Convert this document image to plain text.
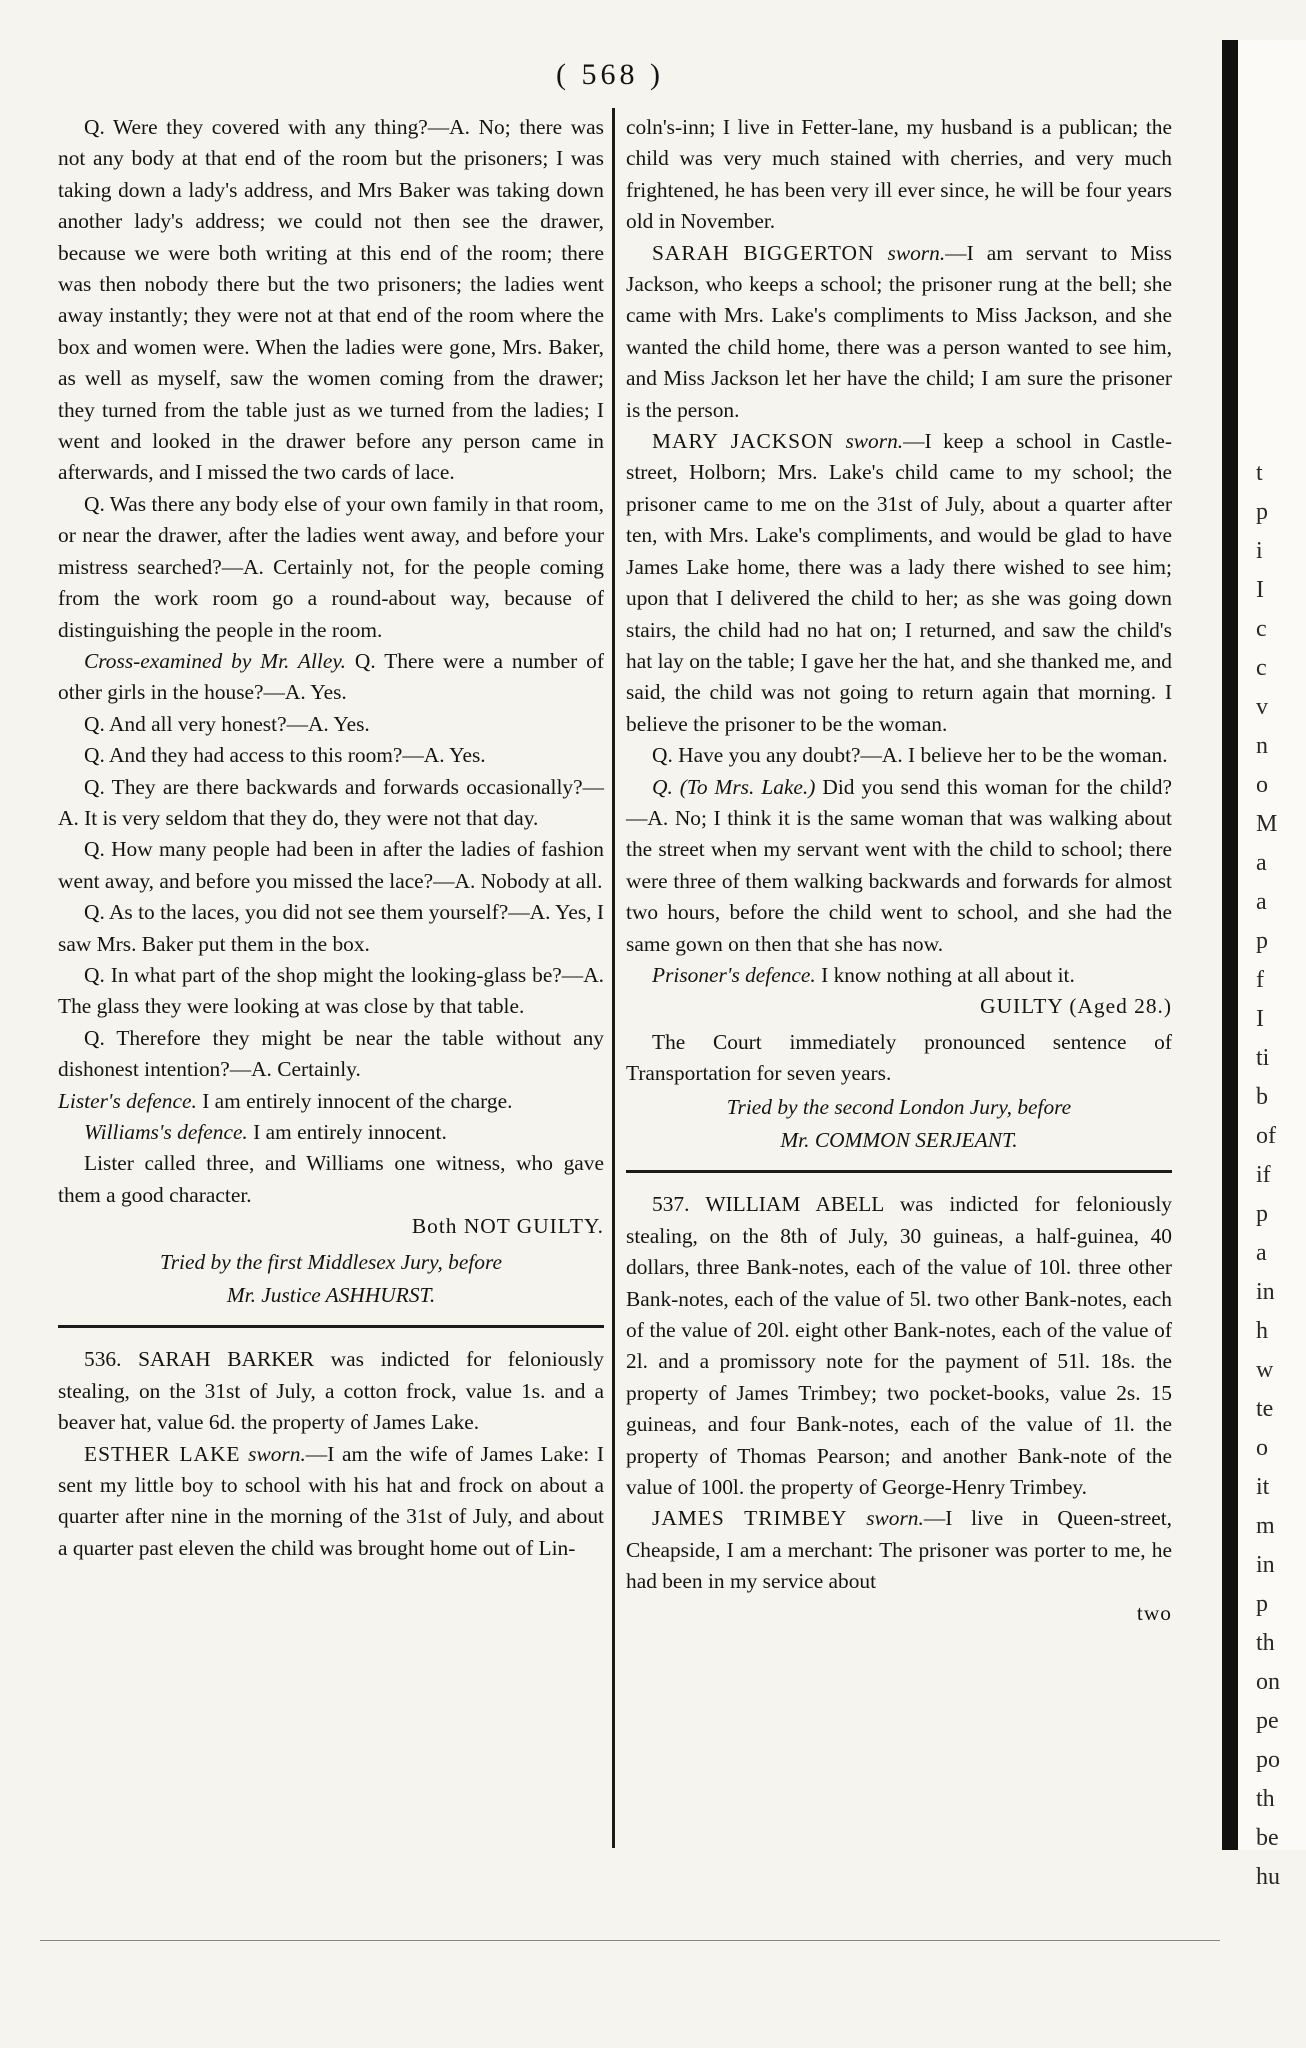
( 568 )

Q. Were they covered with any thing?—A. No; there was not any body at that end of the room but the prisoners; I was taking down a lady's address, and Mrs Baker was taking down another lady's address; we could not then see the drawer, because we were both writing at this end of the room; there was then nobody there but the two prisoners; the ladies went away instantly; they were not at that end of the room where the box and women were. When the ladies were gone, Mrs. Baker, as well as myself, saw the women coming from the drawer; they turned from the table just as we turned from the ladies; I went and looked in the drawer before any person came in afterwards, and I missed the two cards of lace.

Q. Was there any body else of your own family in that room, or near the drawer, after the ladies went away, and before your mistress searched?—A. Certainly not, for the people coming from the work room go a round-about way, because of distinguishing the people in the room.

Cross-examined by Mr. Alley. Q. There were a number of other girls in the house?—A. Yes.

Q. And all very honest?—A. Yes.

Q. And they had access to this room?—A. Yes.

Q. They are there backwards and forwards occasionally?—A. It is very seldom that they do, they were not that day.

Q. How many people had been in after the ladies of fashion went away, and before you missed the lace?—A. Nobody at all.

Q. As to the laces, you did not see them yourself?—A. Yes, I saw Mrs. Baker put them in the box.

Q. In what part of the shop might the looking-glass be?—A. The glass they were looking at was close by that table.

Q. Therefore they might be near the table without any dishonest intention?—A. Certainly.

Lister's defence. I am entirely innocent of the charge.

Williams's defence. I am entirely innocent.

Lister called three, and Williams one witness, who gave them a good character.

Both NOT GUILTY.

Tried by the first Middlesex Jury, before

Mr. Justice ASHHURST.

536. SARAH BARKER was indicted for feloniously stealing, on the 31st of July, a cotton frock, value 1s. and a beaver hat, value 6d. the property of James Lake.

ESTHER LAKE sworn.—I am the wife of James Lake: I sent my little boy to school with his hat and frock on about a quarter after nine in the morning of the 31st of July, and about a quarter past eleven the child was brought home out of Lin-

coln's-inn; I live in Fetter-lane, my husband is a publican; the child was very much stained with cherries, and very much frightened, he has been very ill ever since, he will be four years old in November.

SARAH BIGGERTON sworn.—I am servant to Miss Jackson, who keeps a school; the prisoner rung at the bell; she came with Mrs. Lake's compliments to Miss Jackson, and she wanted the child home, there was a person wanted to see him, and Miss Jackson let her have the child; I am sure the prisoner is the person.

MARY JACKSON sworn.—I keep a school in Castle-street, Holborn; Mrs. Lake's child came to my school; the prisoner came to me on the 31st of July, about a quarter after ten, with Mrs. Lake's compliments, and would be glad to have James Lake home, there was a lady there wished to see him; upon that I delivered the child to her; as she was going down stairs, the child had no hat on; I returned, and saw the child's hat lay on the table; I gave her the hat, and she thanked me, and said, the child was not going to return again that morning. I believe the prisoner to be the woman.

Q. Have you any doubt?—A. I believe her to be the woman.

Q. (To Mrs. Lake.) Did you send this woman for the child?—A. No; I think it is the same woman that was walking about the street when my servant went with the child to school; there were three of them walking backwards and forwards for almost two hours, before the child went to school, and she had the same gown on then that she has now.

Prisoner's defence. I know nothing at all about it.

GUILTY (Aged 28.)

The Court immediately pronounced sentence of Transportation for seven years.

Tried by the second London Jury, before

Mr. COMMON SERJEANT.

537. WILLIAM ABELL was indicted for feloniously stealing, on the 8th of July, 30 guineas, a half-guinea, 40 dollars, three Bank-notes, each of the value of 10l. three other Bank-notes, each of the value of 5l. two other Bank-notes, each of the value of 20l. eight other Bank-notes, each of the value of 2l. and a promissory note for the payment of 51l. 18s. the property of James Trimbey; two pocket-books, value 2s. 15 guineas, and four Bank-notes, each of the value of 1l. the property of Thomas Pearson; and another Bank-note of the value of 100l. the property of George-Henry Trimbey.

JAMES TRIMBEY sworn.—I live in Queen-street, Cheapside, I am a merchant: The prisoner was porter to me, he had been in my service about

two

t
p
i
I
c
c
v
n
o
M
a
a
p
f
I
ti
b
of
if
p
a
in
h
w
te
o
it
m
in
p
th
on
pe
po
th
be
hu
